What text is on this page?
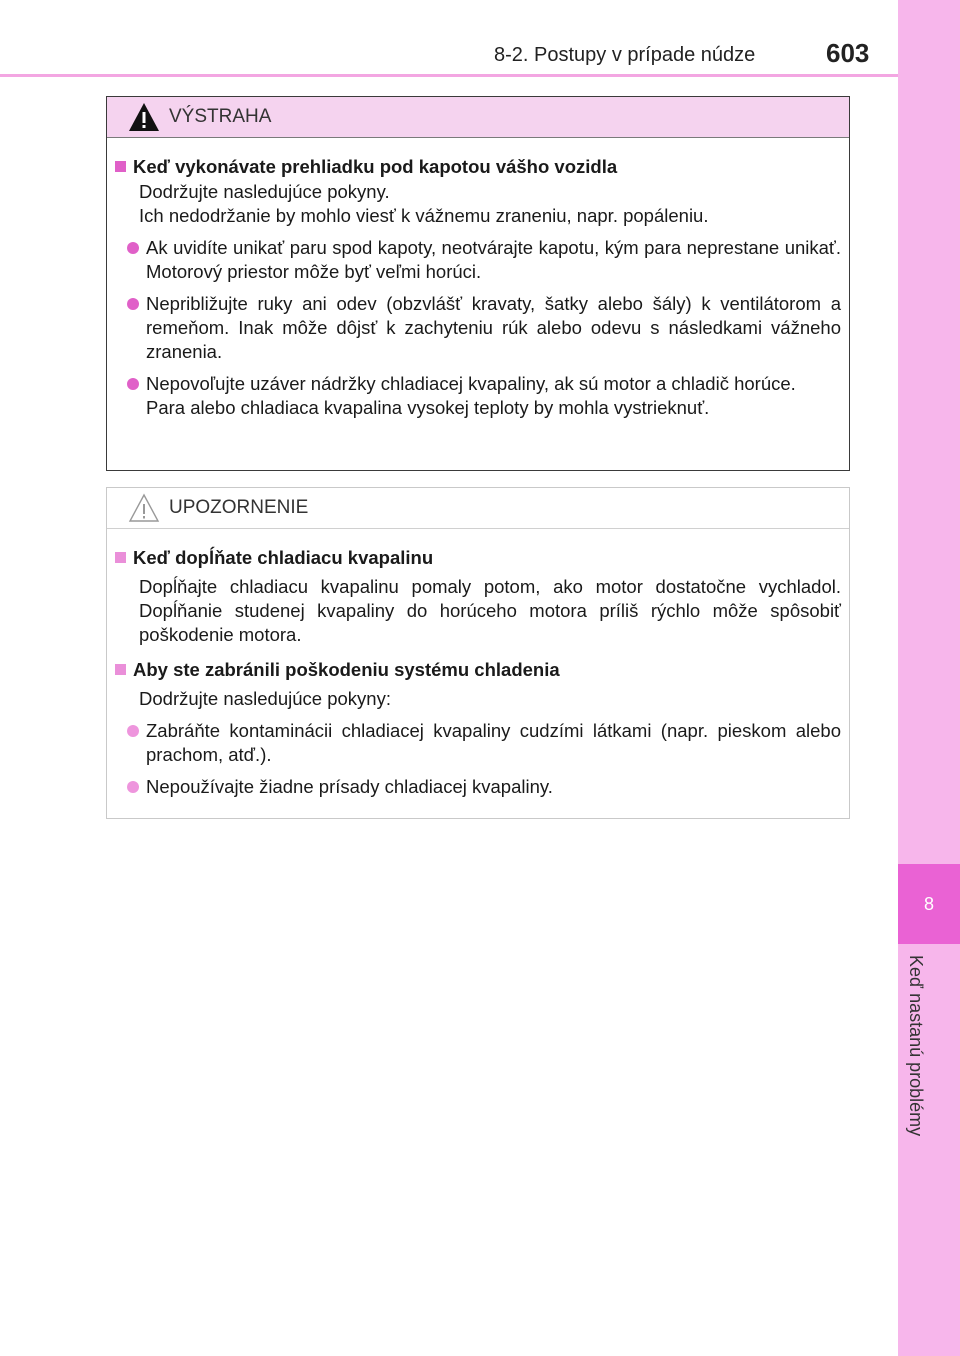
8-2. Postupy v prípade núdze	603
8
Keď nastanú problémy
VÝSTRAHA
Keď vykonávate prehliadku pod kapotou vášho vozidla
Dodržujte nasledujúce pokyny.
Ich nedodržanie by mohlo viesť k vážnemu zraneniu, napr. popáleniu.
Ak uvidíte unikať paru spod kapoty, neotvárajte kapotu, kým para neprestane unikať. Motorový priestor môže byť veľmi horúci.
Nepribližujte ruky ani odev (obzvlášť kravaty, šatky alebo šály) k ventilátorom a remeňom. Inak môže dôjsť k zachyteniu rúk alebo odevu s následkami vážneho zranenia.
Nepovoľujte uzáver nádržky chladiacej kvapaliny, ak sú motor a chladič horúce.
Para alebo chladiaca kvapalina vysokej teploty by mohla vystrieknuť.
UPOZORNENIE
Keď dopĺňate chladiacu kvapalinu
Dopĺňajte chladiacu kvapalinu pomaly potom, ako motor dostatočne vychladol. Dopĺňanie studenej kvapaliny do horúceho motora príliš rýchlo môže spôsobiť poškodenie motora.
Aby ste zabránili poškodeniu systému chladenia
Dodržujte nasledujúce pokyny:
Zabráňte kontaminácii chladiacej kvapaliny cudzími látkami (napr. pieskom alebo prachom, atď.).
Nepoužívajte žiadne prísady chladiacej kvapaliny.
